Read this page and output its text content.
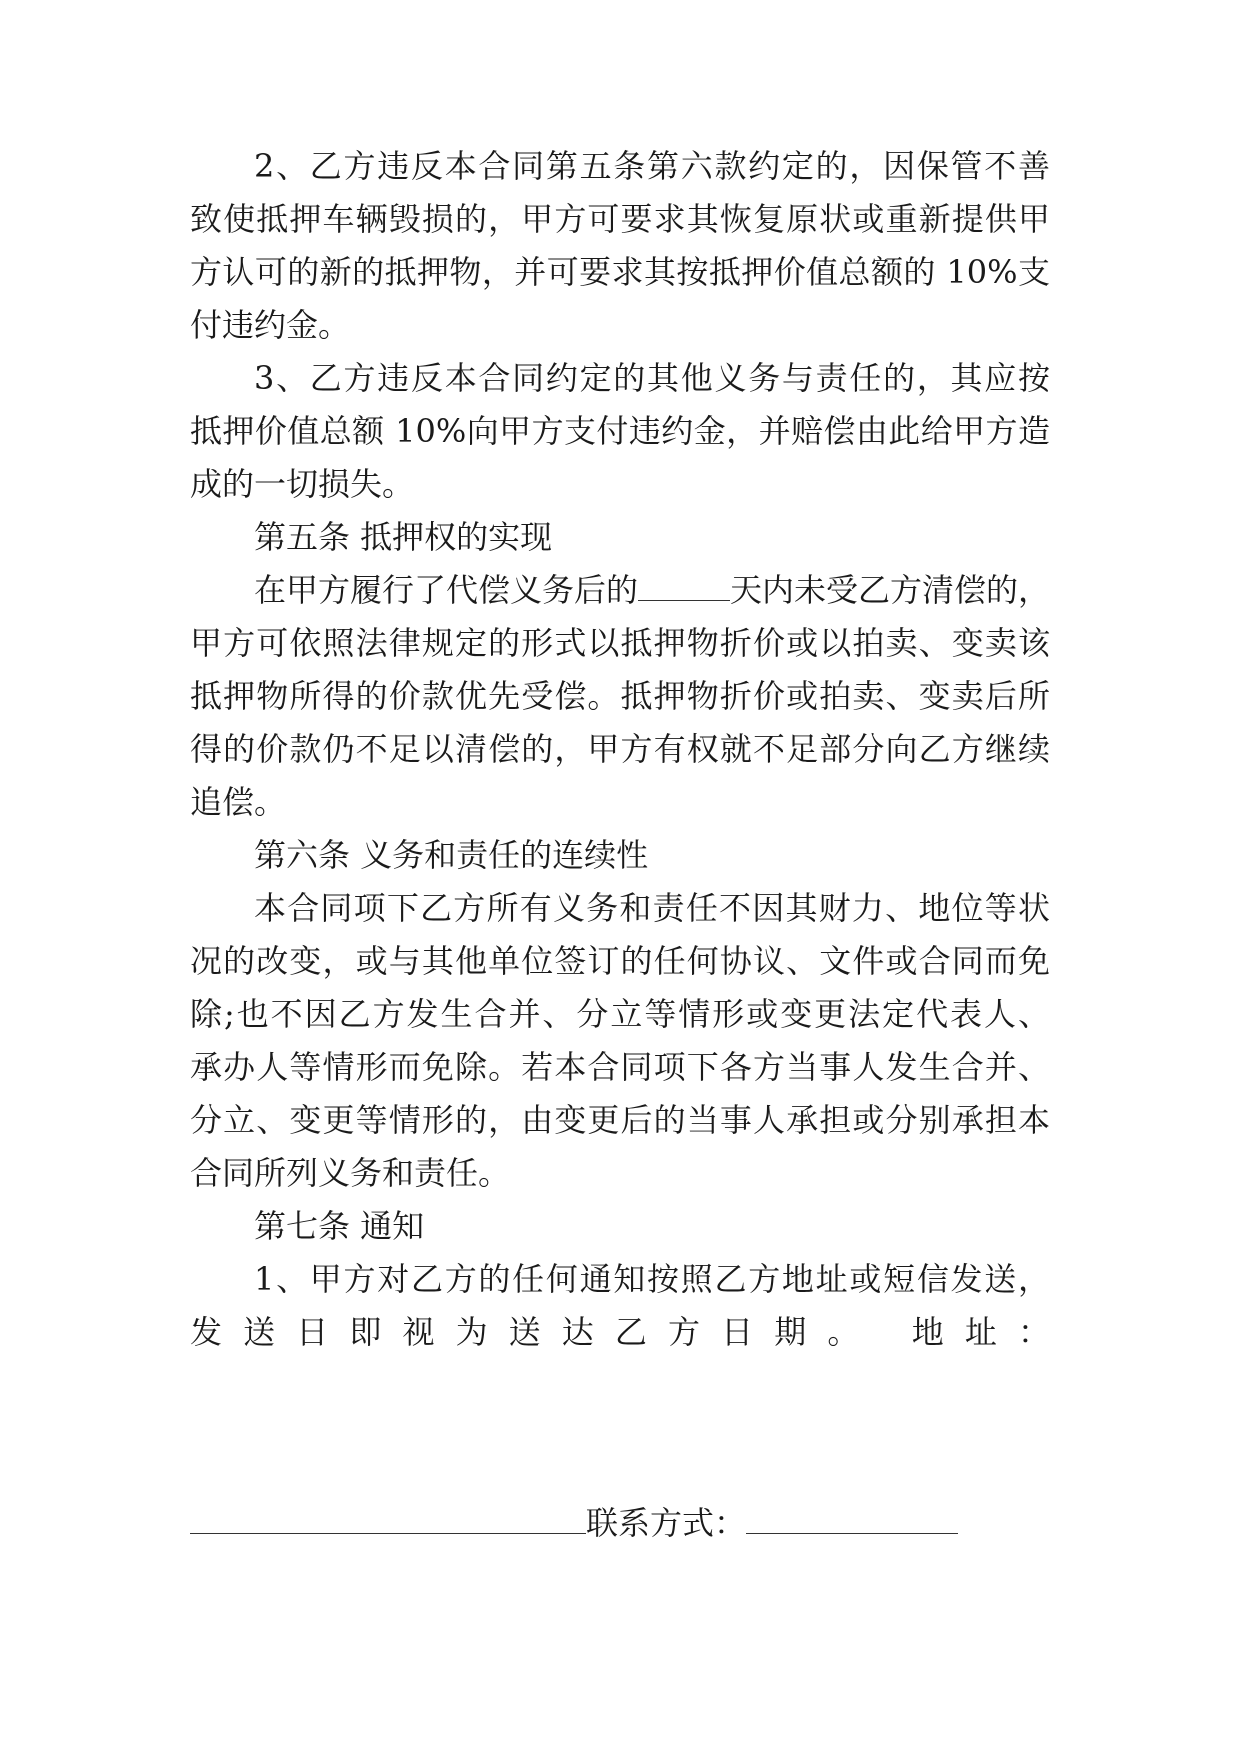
2、乙方违反本合同第五条第六款约定的，因保管不善
致使抵押车辆毁损的，甲方可要求其恢复原状或重新提供甲
方认可的新的抵押物，并可要求其按抵押价值总额的 10%支
付违约金。
3、乙方违反本合同约定的其他义务与责任的，其应按
抵押价值总额 10%向甲方支付违约金，并赔偿由此给甲方造
成的一切损失。
第五条 抵押权的实现
在甲方履行了代偿义务后的	天内未受乙方清偿的，
甲方可依照法律规定的形式以抵押物折价或以拍卖、变卖该
抵押物所得的价款优先受偿。抵押物折价或拍卖、变卖后所
得的价款仍不足以清偿的，甲方有权就不足部分向乙方继续
追偿。
第六条 义务和责任的连续性
本合同项下乙方所有义务和责任不因其财力、地位等状
况的改变，或与其他单位签订的任何协议、文件或合同而免
除;也不因乙方发生合并、分立等情形或变更法定代表人、
承办人等情形而免除。若本合同项下各方当事人发生合并、
分立、变更等情形的，由变更后的当事人承担或分别承担本
合同所列义务和责任。
第七条 通知
1、甲方对乙方的任何通知按照乙方地址或短信发送，
发送日即视为送达乙方日期。 地址：
联系方式：
